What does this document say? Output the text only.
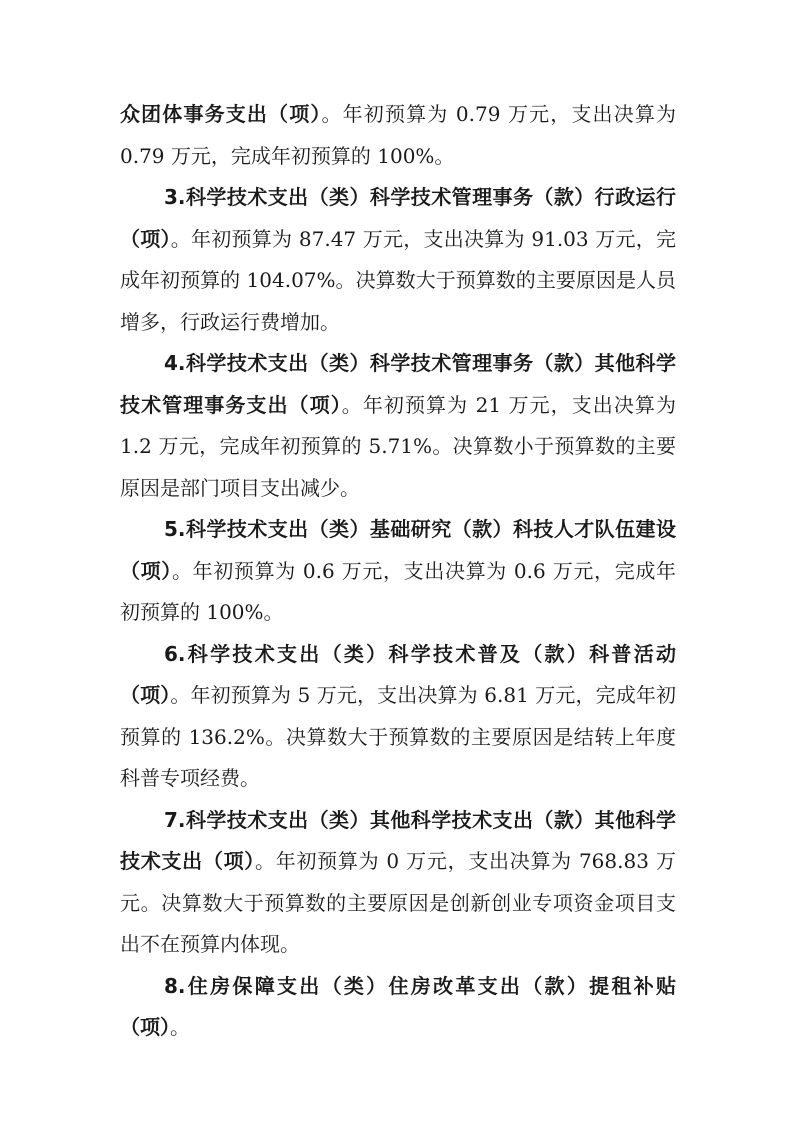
众团体事务支出（项）。年初预算为 0.79 万元，支出决算为 0.79 万元，完成年初预算的 100%。

3.科学技术支出（类）科学技术管理事务（款）行政运行（项）。年初预算为 87.47 万元，支出决算为 91.03 万元，完成年初预算的 104.07%。决算数大于预算数的主要原因是人员增多，行政运行费增加。

4.科学技术支出（类）科学技术管理事务（款）其他科学技术管理事务支出（项）。年初预算为 21 万元，支出决算为 1.2 万元，完成年初预算的 5.71%。决算数小于预算数的主要原因是部门项目支出减少。

5.科学技术支出（类）基础研究（款）科技人才队伍建设（项）。年初预算为 0.6 万元，支出决算为 0.6 万元，完成年初预算的 100%。

6.科学技术支出（类）科学技术普及（款）科普活动（项）。年初预算为 5 万元，支出决算为 6.81 万元，完成年初预算的 136.2%。决算数大于预算数的主要原因是结转上年度科普专项经费。

7.科学技术支出（类）其他科学技术支出（款）其他科学技术支出（项）。年初预算为 0 万元，支出决算为 768.83 万元。决算数大于预算数的主要原因是创新创业专项资金项目支出不在预算内体现。

8.住房保障支出（类）住房改革支出（款）提租补贴（项）。
